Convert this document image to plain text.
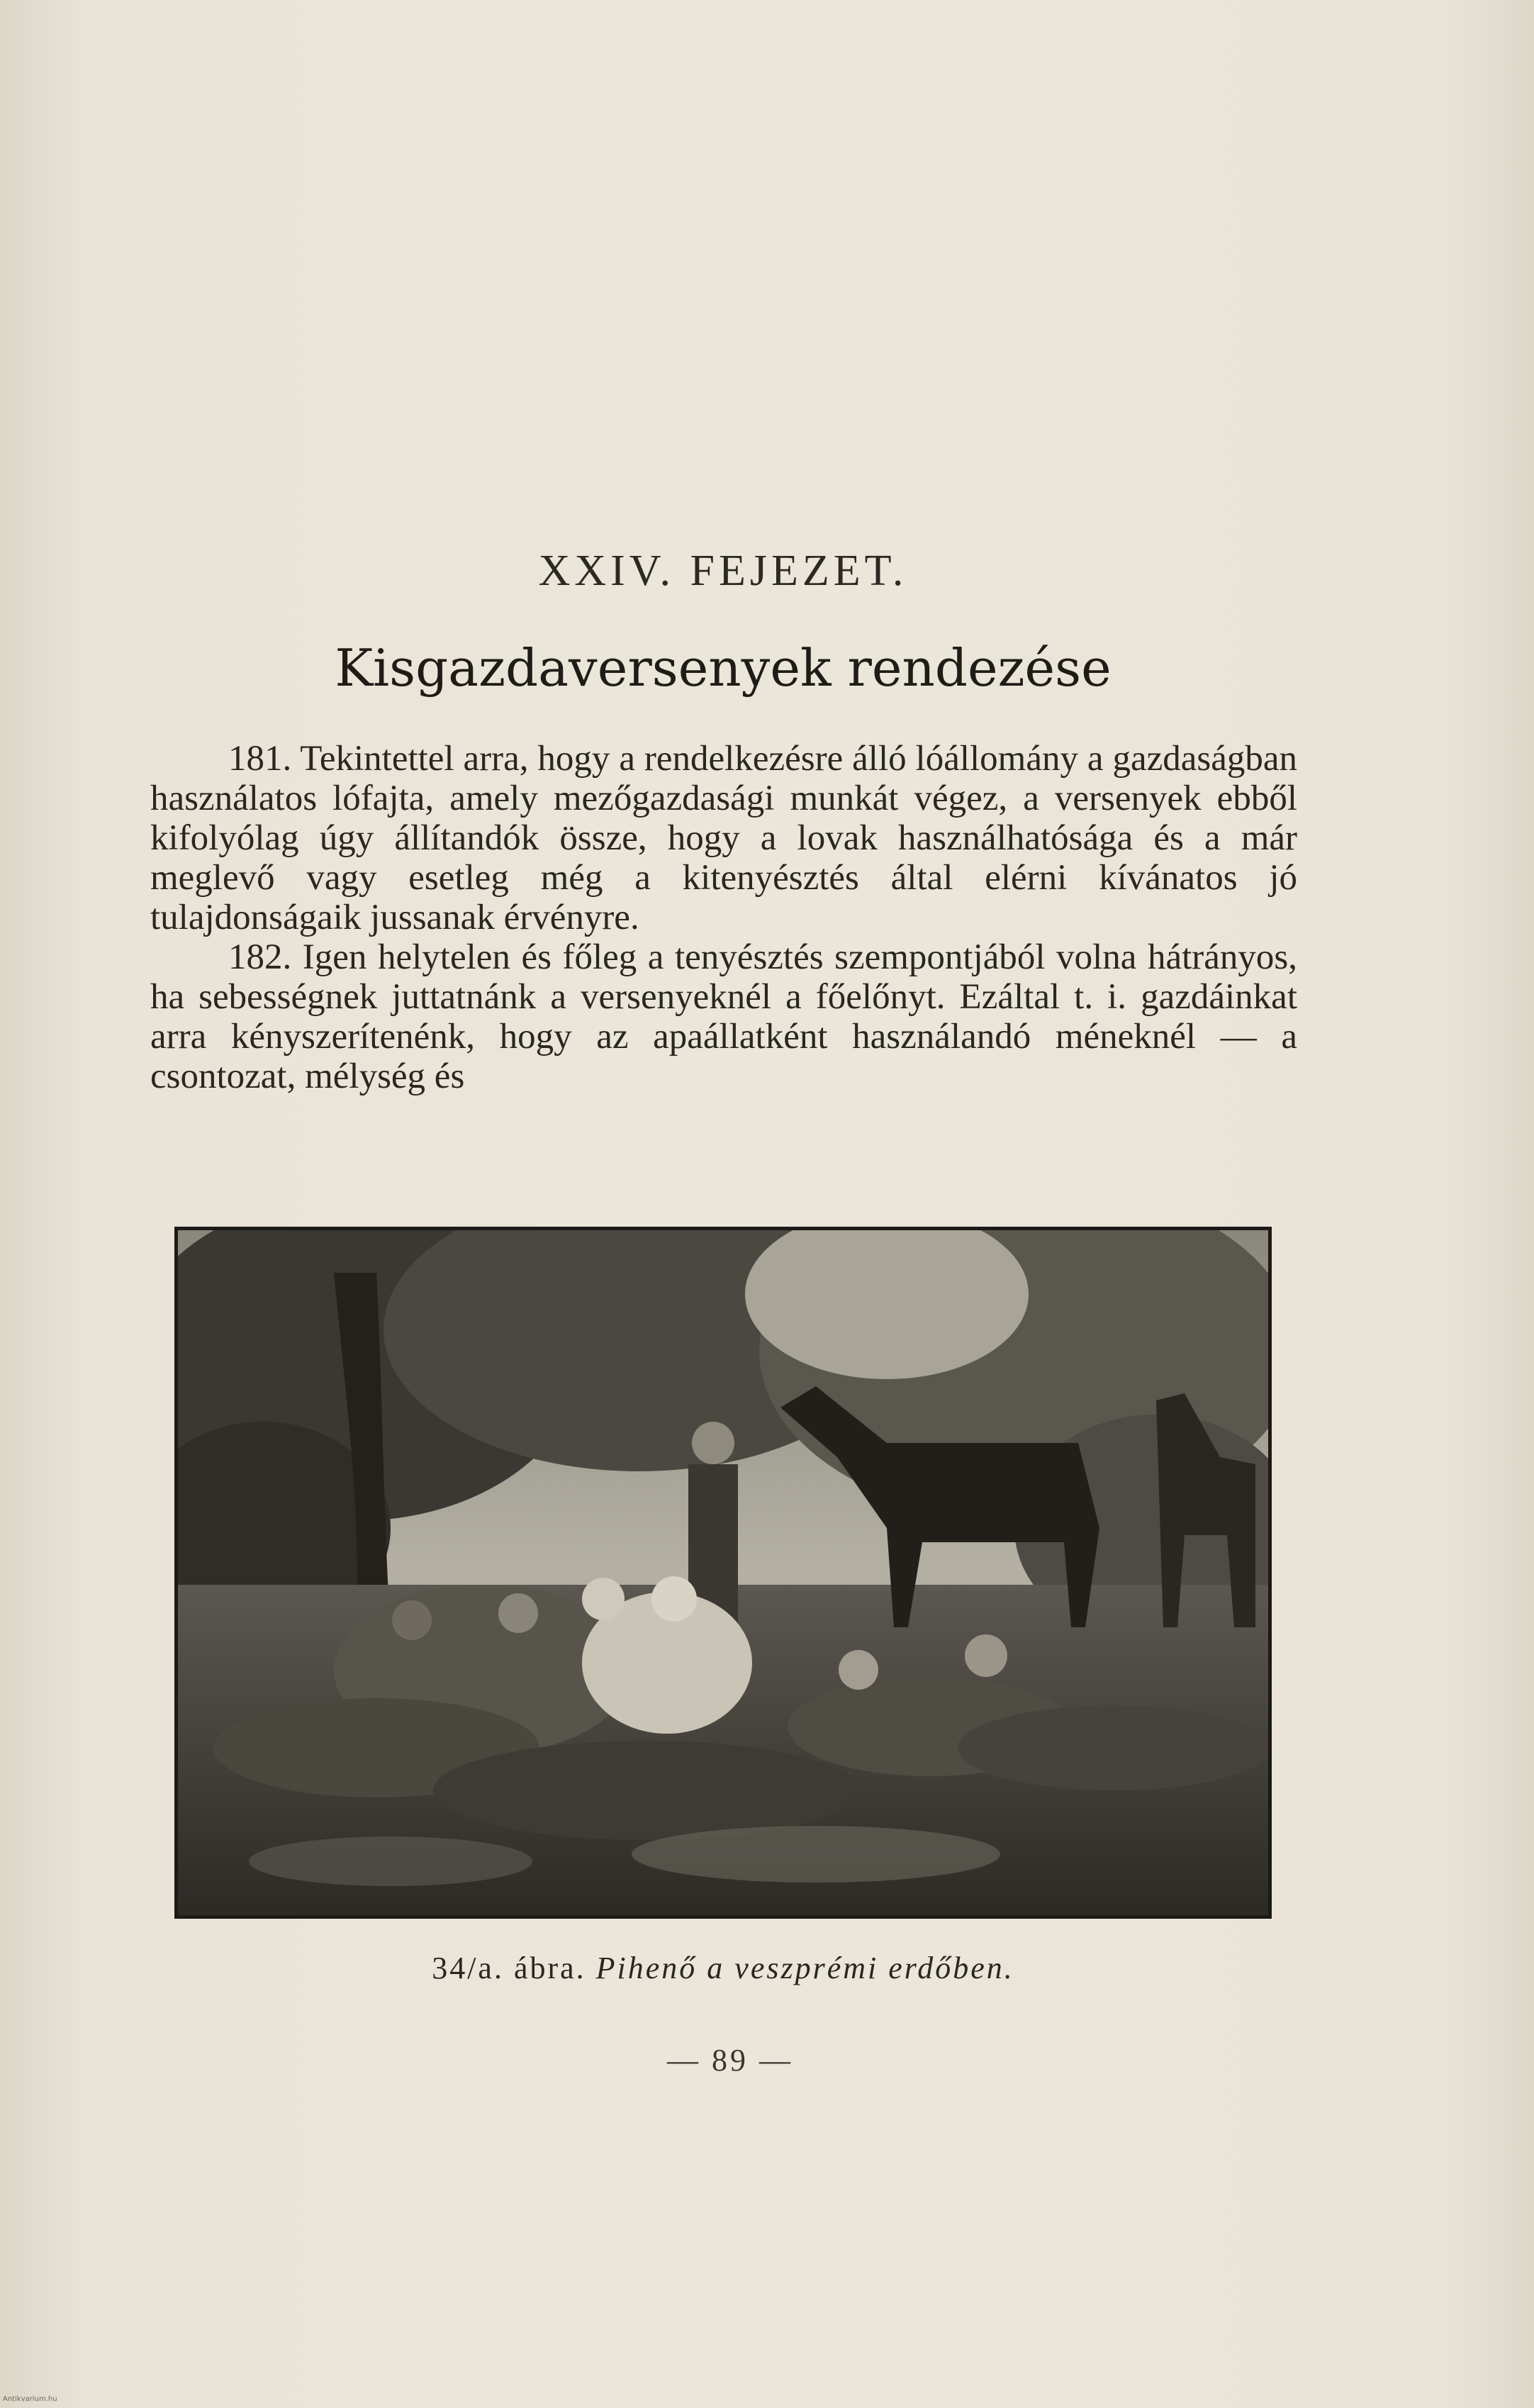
XXIV. FEJEZET.
Kisgazdaversenyek rendezése

181. Tekintettel arra, hogy a rendelkezésre álló lóállomány a gazdaságban használatos lófajta, amely mezőgazdasági munkát végez, a versenyek ebből kifolyólag úgy állítandók össze, hogy a lovak használhatósága és a már meglevő vagy esetleg még a kitenyésztés által elérni kívánatos jó tulajdonságaik jussanak érvényre.

182. Igen helytelen és főleg a tenyésztés szempontjából volna hátrányos, ha sebességnek juttatnánk a versenyeknél a főelőnyt. Ezáltal t. i. gazdáinkat arra kényszerítenénk, hogy az apaállatként használandó méneknél — a csontozat, mélység és

34/a. ábra. Pihenő a veszprémi erdőben.
— 89 —
Antikvarium.hu
